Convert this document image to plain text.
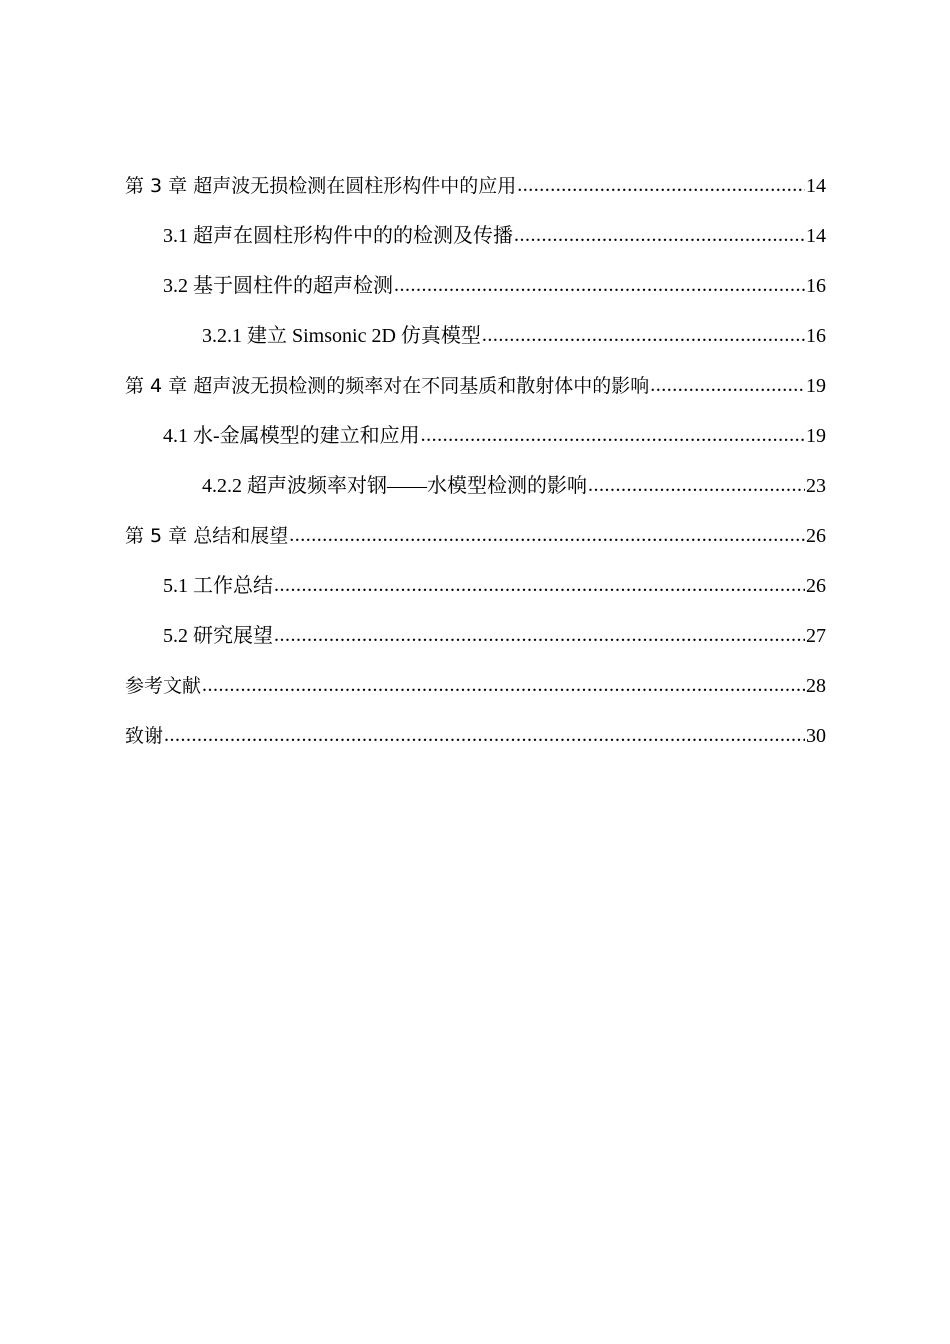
第 3 章 超声波无损检测在圆柱形构件中的应用 .....	14
3.1 超声在圆柱形构件中的的检测及传播 .....	14
3.2 基于圆柱件的超声检测 .....	16
3.2.1 建立 Simsonic 2D 仿真模型 .....	16
第 4 章 超声波无损检测的频率对在不同基质和散射体中的影响 .....	19
4.1 水-金属模型的建立和应用 .....	19
4.2.2 超声波频率对钢——水模型检测的影响 .....	23
第 5 章 总结和展望 .....	26
5.1 工作总结 .....	26
5.2 研究展望 .....	27
参考文献 .....	28
致谢 .....	30
